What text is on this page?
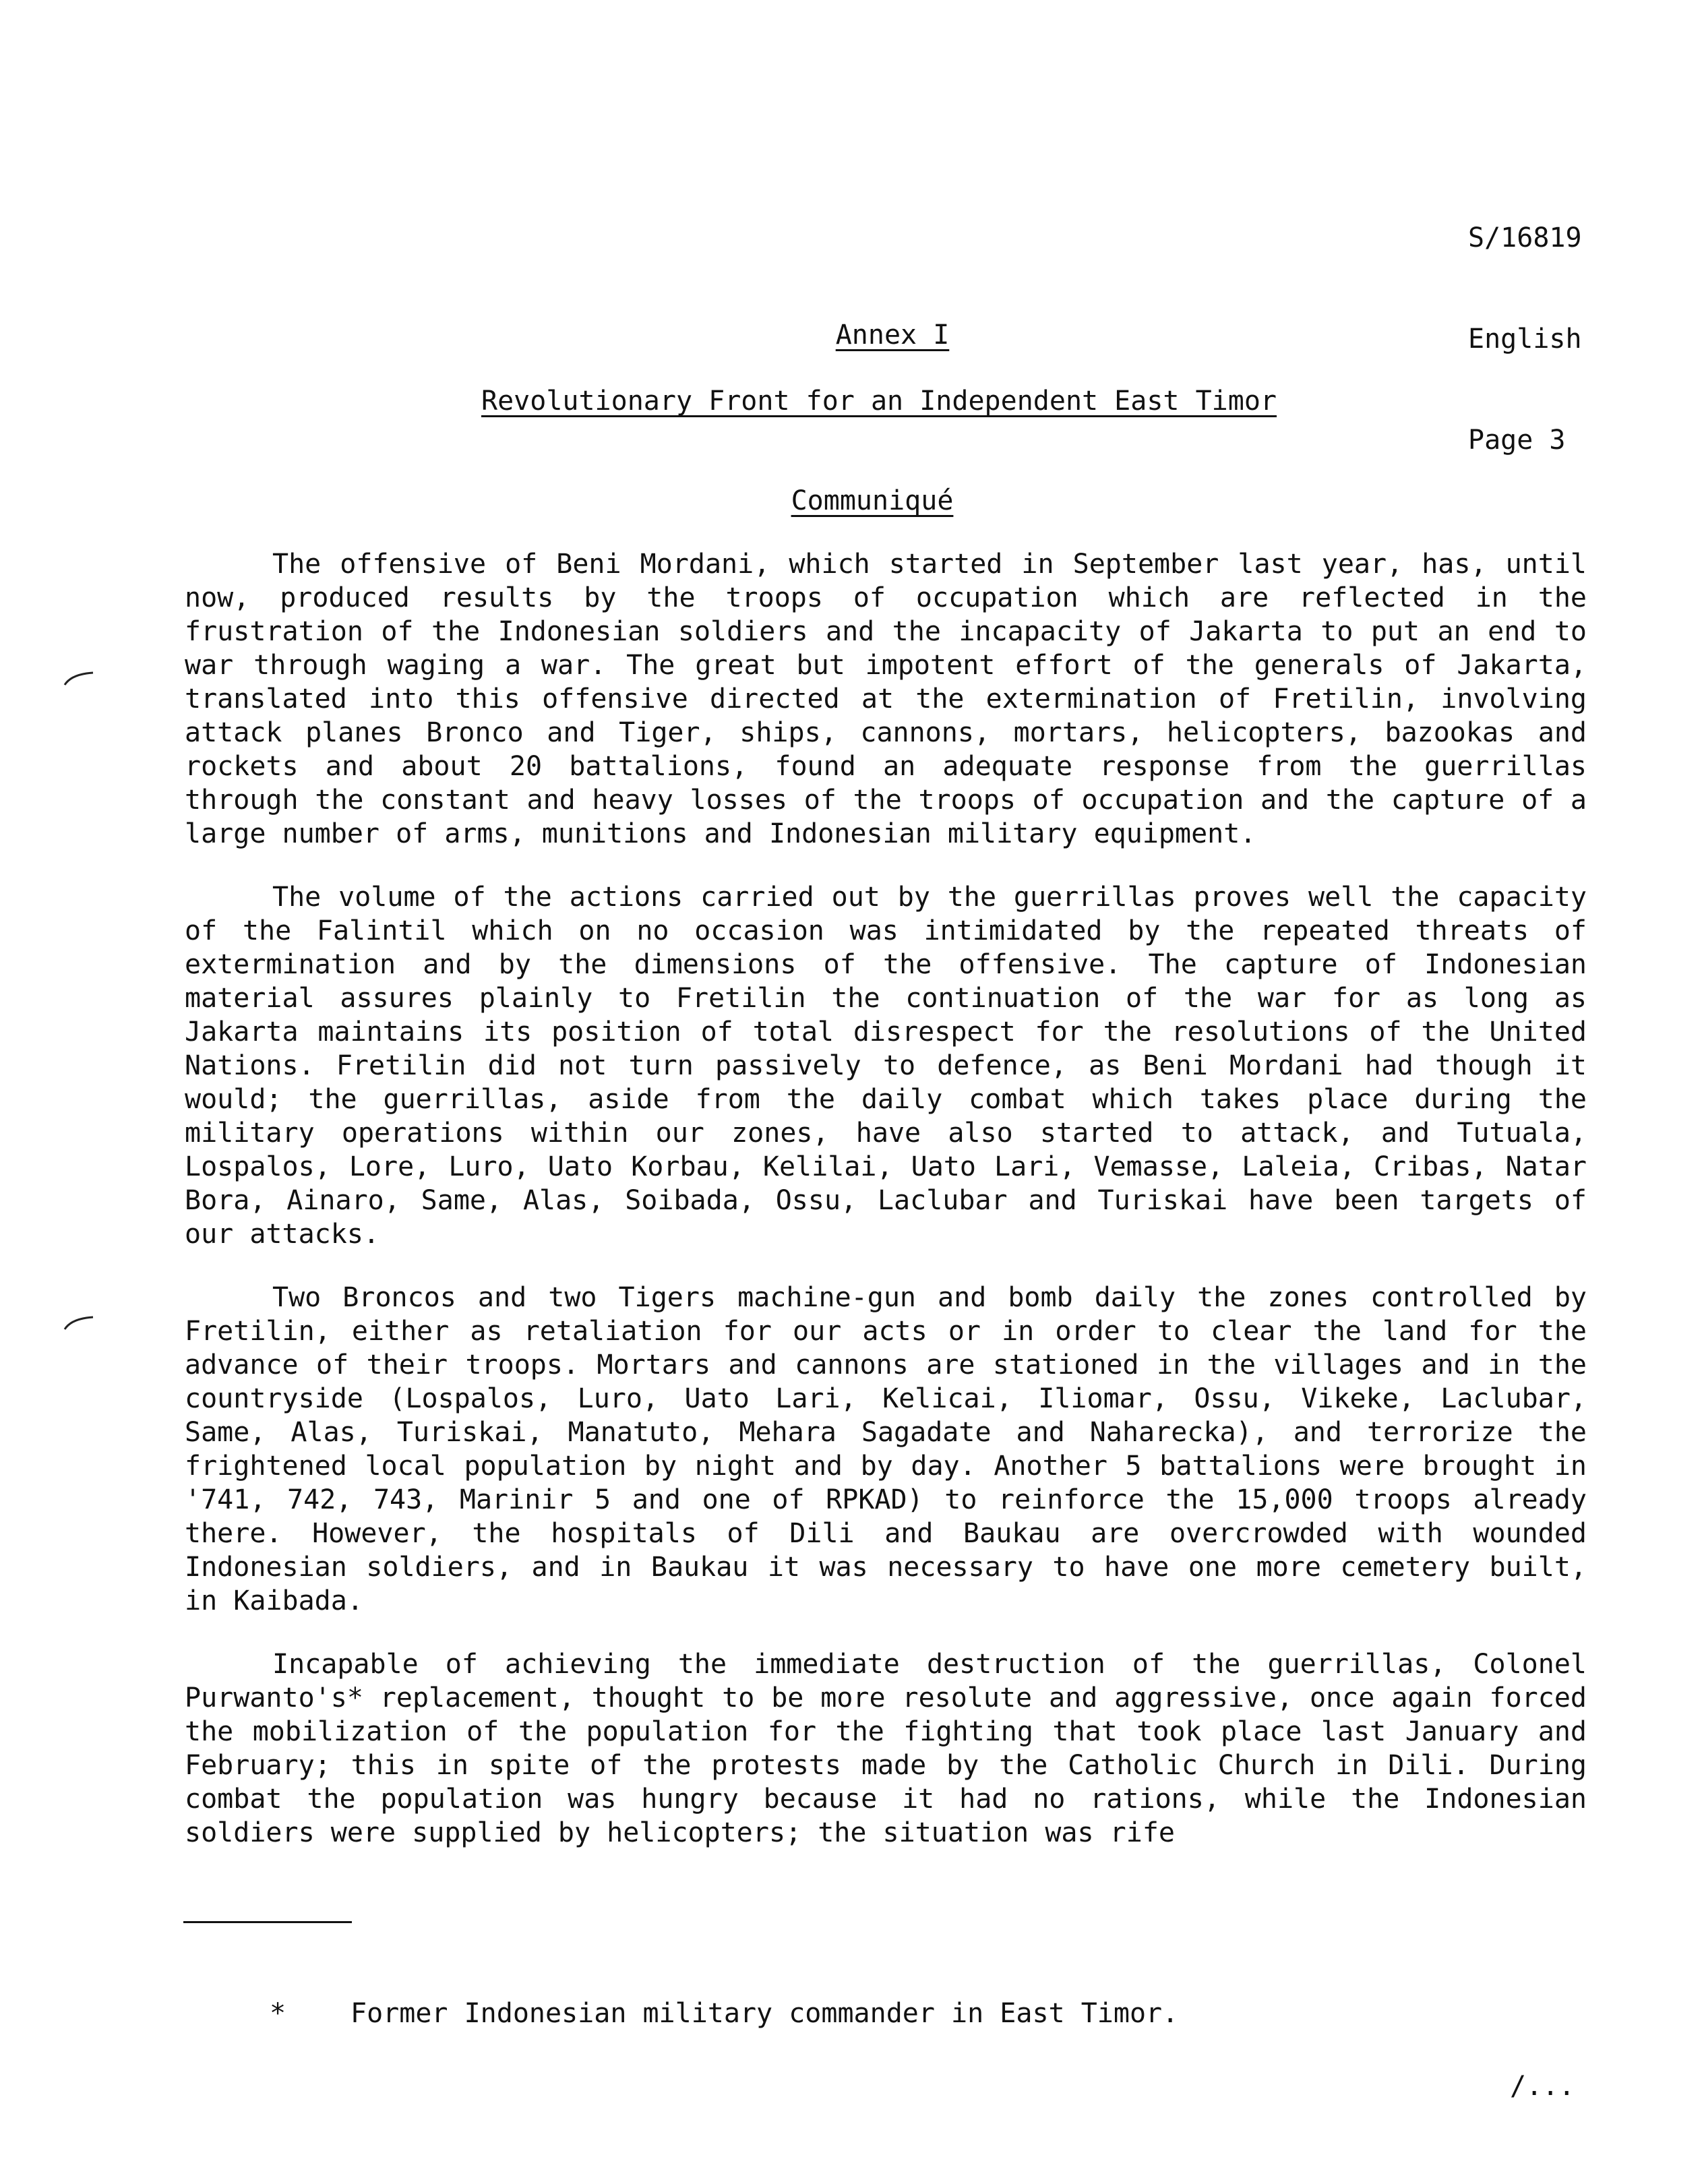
S/16819

English

Page 3

Annex I
Revolutionary Front for an Independent East Timor
Communiqué

The offensive of Beni Mordani, which started in September last year, has, until now, produced results by the troops of occupation which are reflected in the frustration of the Indonesian soldiers and the incapacity of Jakarta to put an end to war through waging a war. The great but impotent effort of the generals of Jakarta, translated into this offensive directed at the extermination of Fretilin, involving attack planes Bronco and Tiger, ships, cannons, mortars, helicopters, bazookas and rockets and about 20 battalions, found an adequate response from the guerrillas through the constant and heavy losses of the troops of occupation and the capture of a large number of arms, munitions and Indonesian military equipment.

The volume of the actions carried out by the guerrillas proves well the capacity of the Falintil which on no occasion was intimidated by the repeated threats of extermination and by the dimensions of the offensive. The capture of Indonesian material assures plainly to Fretilin the continuation of the war for as long as Jakarta maintains its position of total disrespect for the resolutions of the United Nations. Fretilin did not turn passively to defence, as Beni Mordani had though it would; the guerrillas, aside from the daily combat which takes place during the military operations within our zones, have also started to attack, and Tutuala, Lospalos, Lore, Luro, Uato Korbau, Kelilai, Uato Lari, Vemasse, Laleia, Cribas, Natar Bora, Ainaro, Same, Alas, Soibada, Ossu, Laclubar and Turiskai have been targets of our attacks.

Two Broncos and two Tigers machine-gun and bomb daily the zones controlled by Fretilin, either as retaliation for our acts or in order to clear the land for the advance of their troops. Mortars and cannons are stationed in the villages and in the countryside (Lospalos, Luro, Uato Lari, Kelicai, Iliomar, Ossu, Vikeke, Laclubar, Same, Alas, Turiskai, Manatuto, Mehara Sagadate and Naharecka), and terrorize the frightened local population by night and by day. Another 5 battalions were brought in '741, 742, 743, Marinir 5 and one of RPKAD) to reinforce the 15,000 troops already there. However, the hospitals of Dili and Baukau are overcrowded with wounded Indonesian soldiers, and in Baukau it was necessary to have one more cemetery built, in Kaibada.

Incapable of achieving the immediate destruction of the guerrillas, Colonel Purwanto's* replacement, thought to be more resolute and aggressive, once again forced the mobilization of the population for the fighting that took place last January and February; this in spite of the protests made by the Catholic Church in Dili. During combat the population was hungry because it had no rations, while the Indonesian soldiers were supplied by helicopters; the situation was rife

* Former Indonesian military commander in East Timor.
/...
